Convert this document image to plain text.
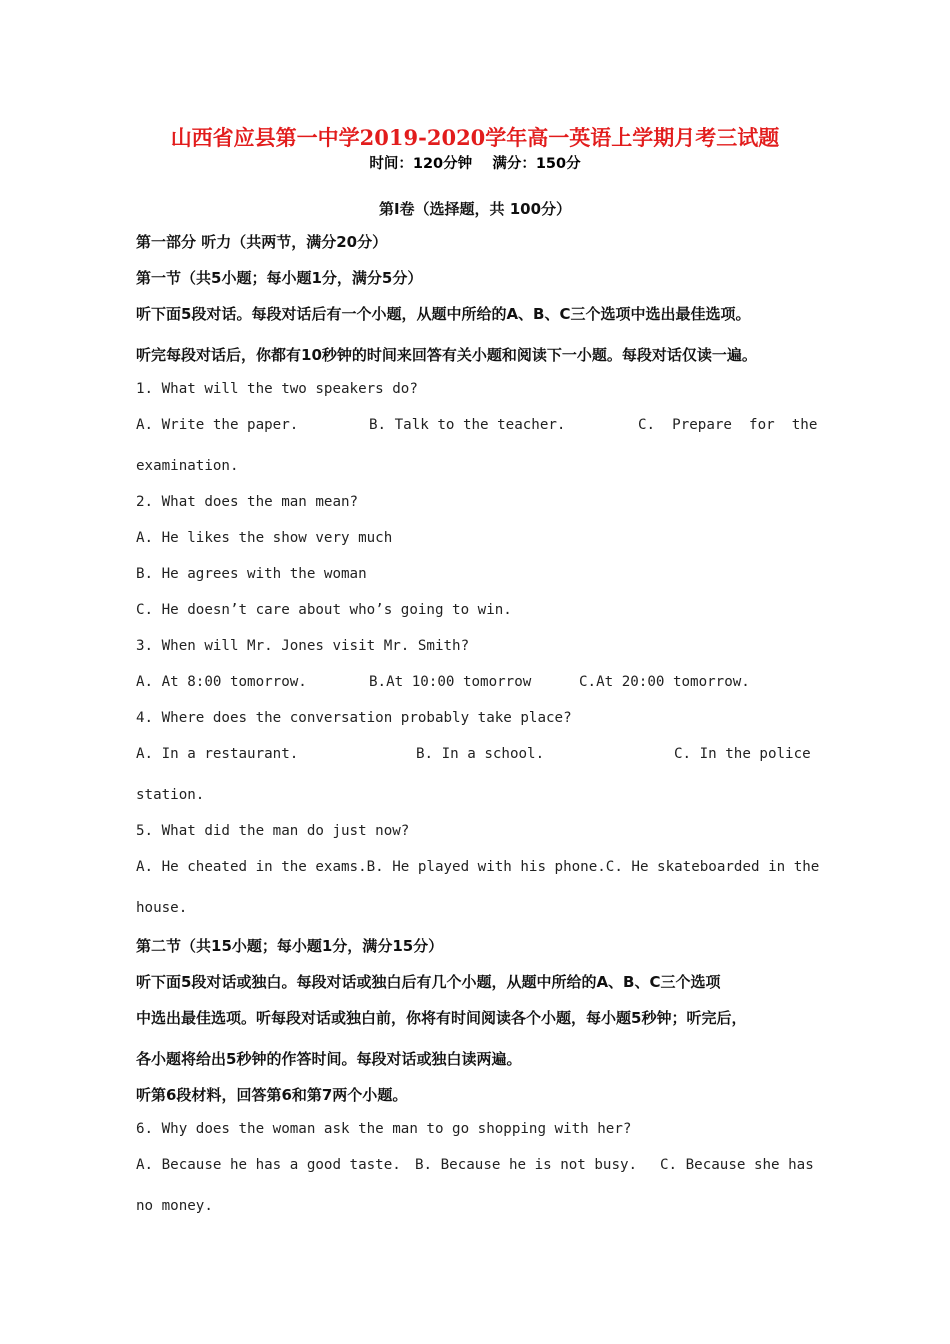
山西省应县第一中学2019-2020学年高一英语上学期月考三试题
时间：120分钟    满分：150分
第Ⅰ卷（选择题，共 100分）
第一部分 听力（共两节，满分20分）
第一节（共5小题；每小题1分，满分5分）
听下面5段对话。每段对话后有一个小题，从题中所给的A、B、C三个选项中选出最佳选项。
听完每段对话后，你都有10秒钟的时间来回答有关小题和阅读下一小题。每段对话仅读一遍。
1. What will the two speakers do?
A. Write the paper.	B. Talk to the teacher.	C.  Prepare  for  the
examination.
2. What does the man mean?
A. He likes the show very much
B. He agrees with the woman
C. He doesn’t care about who’s going to win.
3. When will Mr. Jones visit Mr. Smith?
A. At 8:00 tomorrow.	B.At 10:00 tomorrow	C.At 20:00 tomorrow.
4. Where does the conversation probably take place?
A. In a restaurant.	B. In a school.	C. In the police
station.
5. What did the man do just now?
A. He cheated in the exams.B. He played with his phone.C. He skateboarded in the
house.
第二节（共15小题；每小题1分，满分15分）
听下面5段对话或独白。每段对话或独白后有几个小题，从题中所给的A、B、C三个选项
中选出最佳选项。听每段对话或独白前，你将有时间阅读各个小题，每小题5秒钟；听完后，
各小题将给出5秒钟的作答时间。每段对话或独白读两遍。
听第6段材料，回答第6和第7两个小题。
6. Why does the woman ask the man to go shopping with her?
A. Because he has a good taste. B. Because he is not busy. C. Because she has
no money.
